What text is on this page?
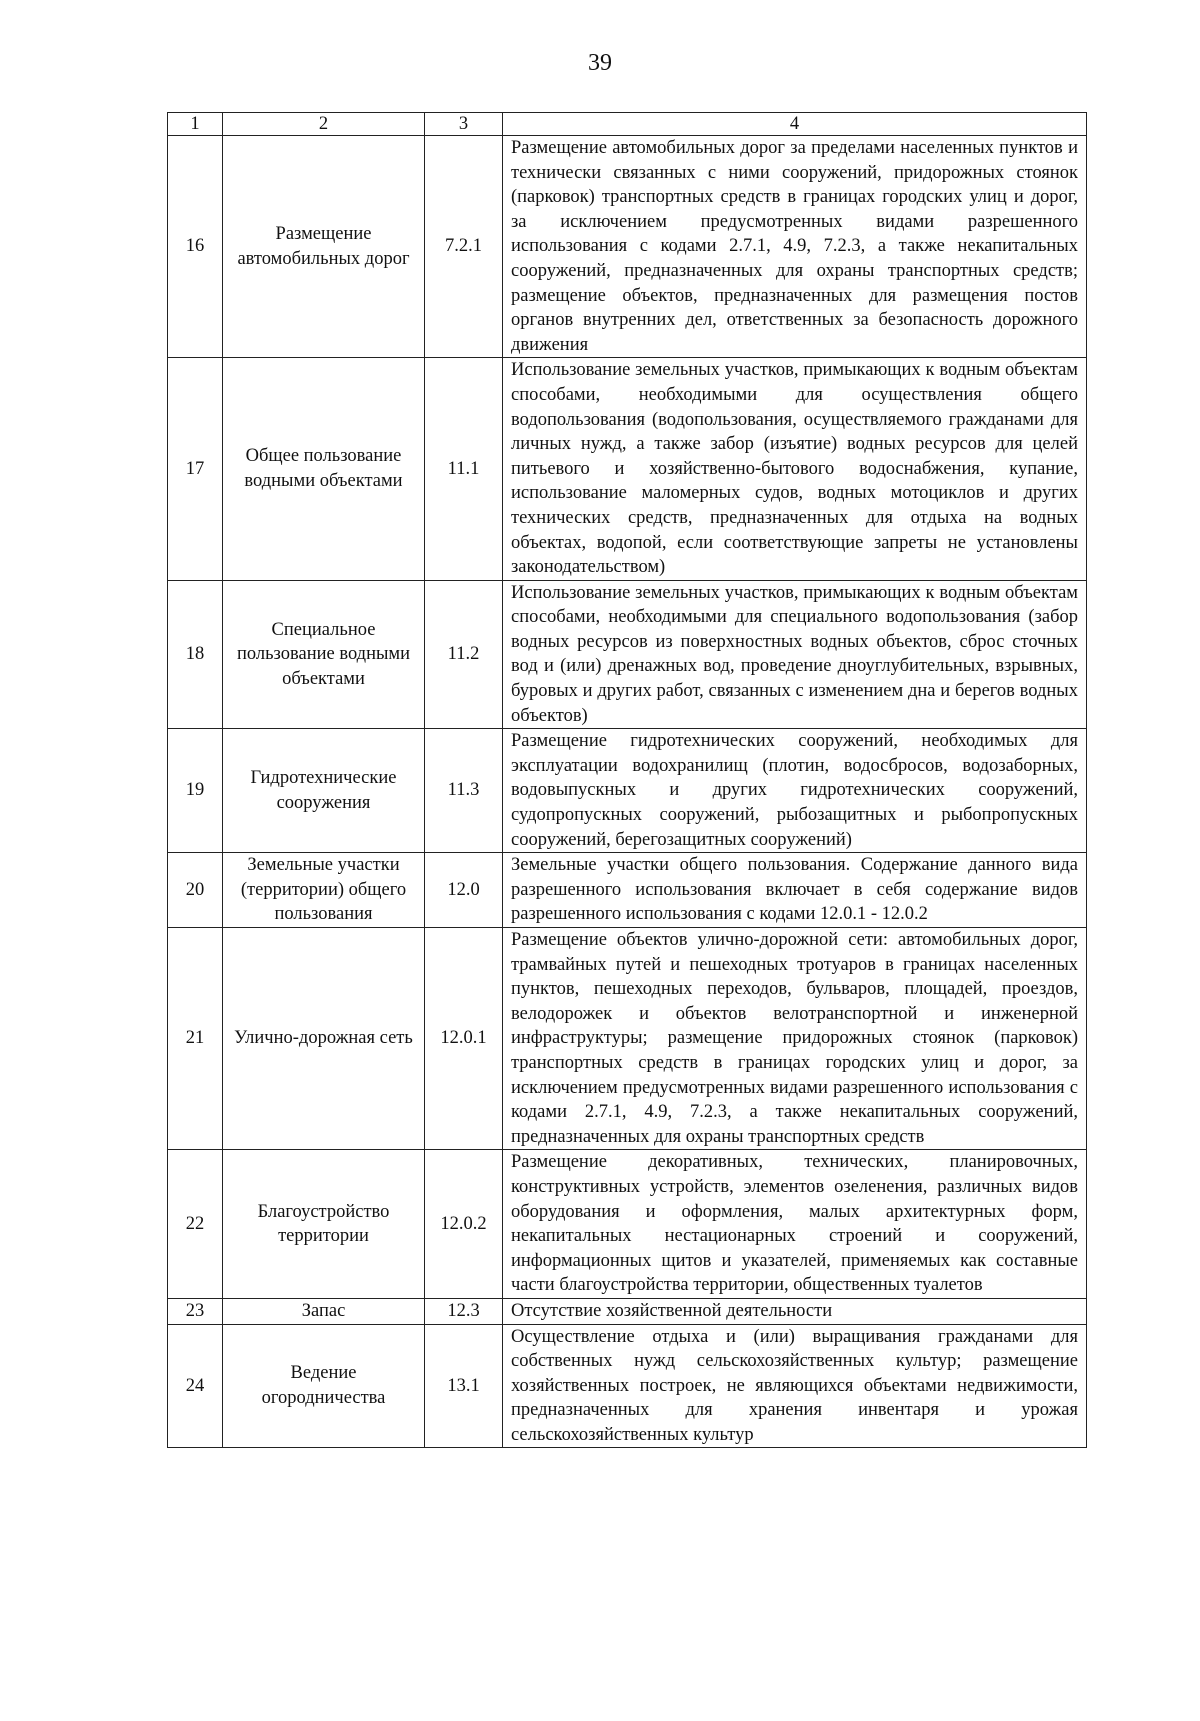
39
1	2	3	4
16	Размещение автомобильных дорог	7.2.1	Размещение автомобильных дорог за пределами населенных пунктов и технически связанных с ними сооружений, придорожных стоянок (парковок) транспортных средств в границах городских улиц и дорог, за исключением предусмотренных видами разрешенного использования с кодами 2.7.1, 4.9, 7.2.3, а также некапитальных сооружений, предназначенных для охраны транспортных средств; размещение объектов, предназначенных для размещения постов органов внутренних дел, ответственных за безопасность дорожного движения
17	Общее пользование водными объектами	11.1	Использование земельных участков, примыкающих к водным объектам способами, необходимыми для осуществления общего водопользования (водопользования, осуществляемого гражданами для личных нужд, а также забор (изъятие) водных ресурсов для целей питьевого и хозяйственно-бытового водоснабжения, купание, использование маломерных судов, водных мотоциклов и других технических средств, предназначенных для отдыха на водных объектах, водопой, если соответствующие запреты не установлены законодательством)
18	Специальное пользование водными объектами	11.2	Использование земельных участков, примыкающих к водным объектам способами, необходимыми для специального водопользования (забор водных ресурсов из поверхностных водных объектов, сброс сточных вод и (или) дренажных вод, проведение дноуглубительных, взрывных, буровых и других работ, связанных с изменением дна и берегов водных объектов)
19	Гидротехнические сооружения	11.3	Размещение гидротехнических сооружений, необходимых для эксплуатации водохранилищ (плотин, водосбросов, водозаборных, водовыпускных и других гидротехнических сооружений, судопропускных сооружений, рыбозащитных и рыбопропускных сооружений, берегозащитных сооружений)
20	Земельные участки (территории) общего пользования	12.0	Земельные участки общего пользования. Содержание данного вида разрешенного использования включает в себя содержание видов разрешенного использования с кодами 12.0.1 - 12.0.2
21	Улично-дорожная сеть	12.0.1	Размещение объектов улично-дорожной сети: автомобильных дорог, трамвайных путей и пешеходных тротуаров в границах населенных пунктов, пешеходных переходов, бульваров, площадей, проездов, велодорожек и объектов велотранспортной и инженерной инфраструктуры; размещение придорожных стоянок (парковок) транспортных средств в границах городских улиц и дорог, за исключением предусмотренных видами разрешенного использования с кодами 2.7.1, 4.9, 7.2.3, а также некапитальных сооружений, предназначенных для охраны транспортных средств
22	Благоустройство территории	12.0.2	Размещение декоративных, технических, планировочных, конструктивных устройств, элементов озеленения, различных видов оборудования и оформления, малых архитектурных форм, некапитальных нестационарных строений и сооружений, информационных щитов и указателей, применяемых как составные части благоустройства территории, общественных туалетов
23	Запас	12.3	Отсутствие хозяйственной деятельности
24	Ведение огородничества	13.1	Осуществление отдыха и (или) выращивания гражданами для собственных нужд сельскохозяйственных культур; размещение хозяйственных построек, не являющихся объектами недвижимости, предназначенных для хранения инвентаря и урожая сельскохозяйственных культур
